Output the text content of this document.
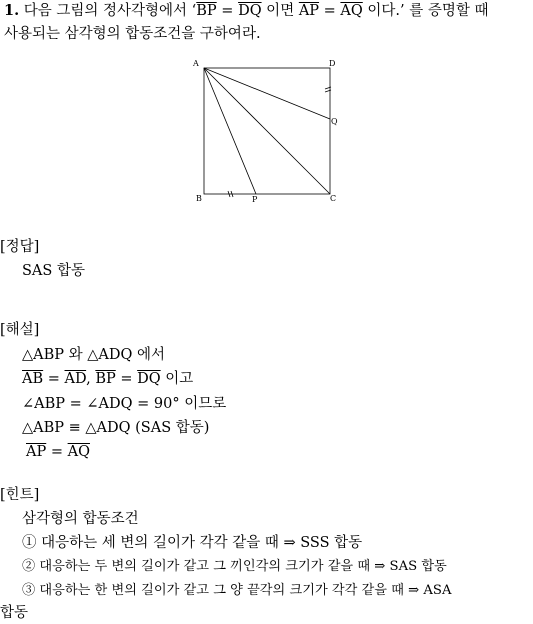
1. 다음 그림의 정사각형에서 ‘$\overline{BP} = \overline{DQ}$ 이면 $\overline{AP} = \overline{AQ}$ 이다.’ 를 증명할 때
사용되는 삼각형의 합동조건을 구하여라.
A	D
Q
B	P	C
[정답]
SAS 합동
[해설]
△ABP 와 △ADQ 에서
$\overline{AB} = \overline{AD}$, $\overline{BP} = \overline{DQ}$ 이고
∠ABP = ∠ADQ = 90° 이므로
△ABP ≡ △ADQ (SAS 합동)
$\overline{AP} = \overline{AQ}$
[힌트]
삼각형의 합동조건
① 대응하는 세 변의 길이가 각각 같을 때 ⇒ SSS 합동
② 대응하는 두 변의 길이가 같고 그 끼인각의 크기가 같을 때 ⇒ SAS 합동
③ 대응하는 한 변의 길이가 같고 그 양 끝각의 크기가 각각 같을 때 ⇒ ASA
합동
